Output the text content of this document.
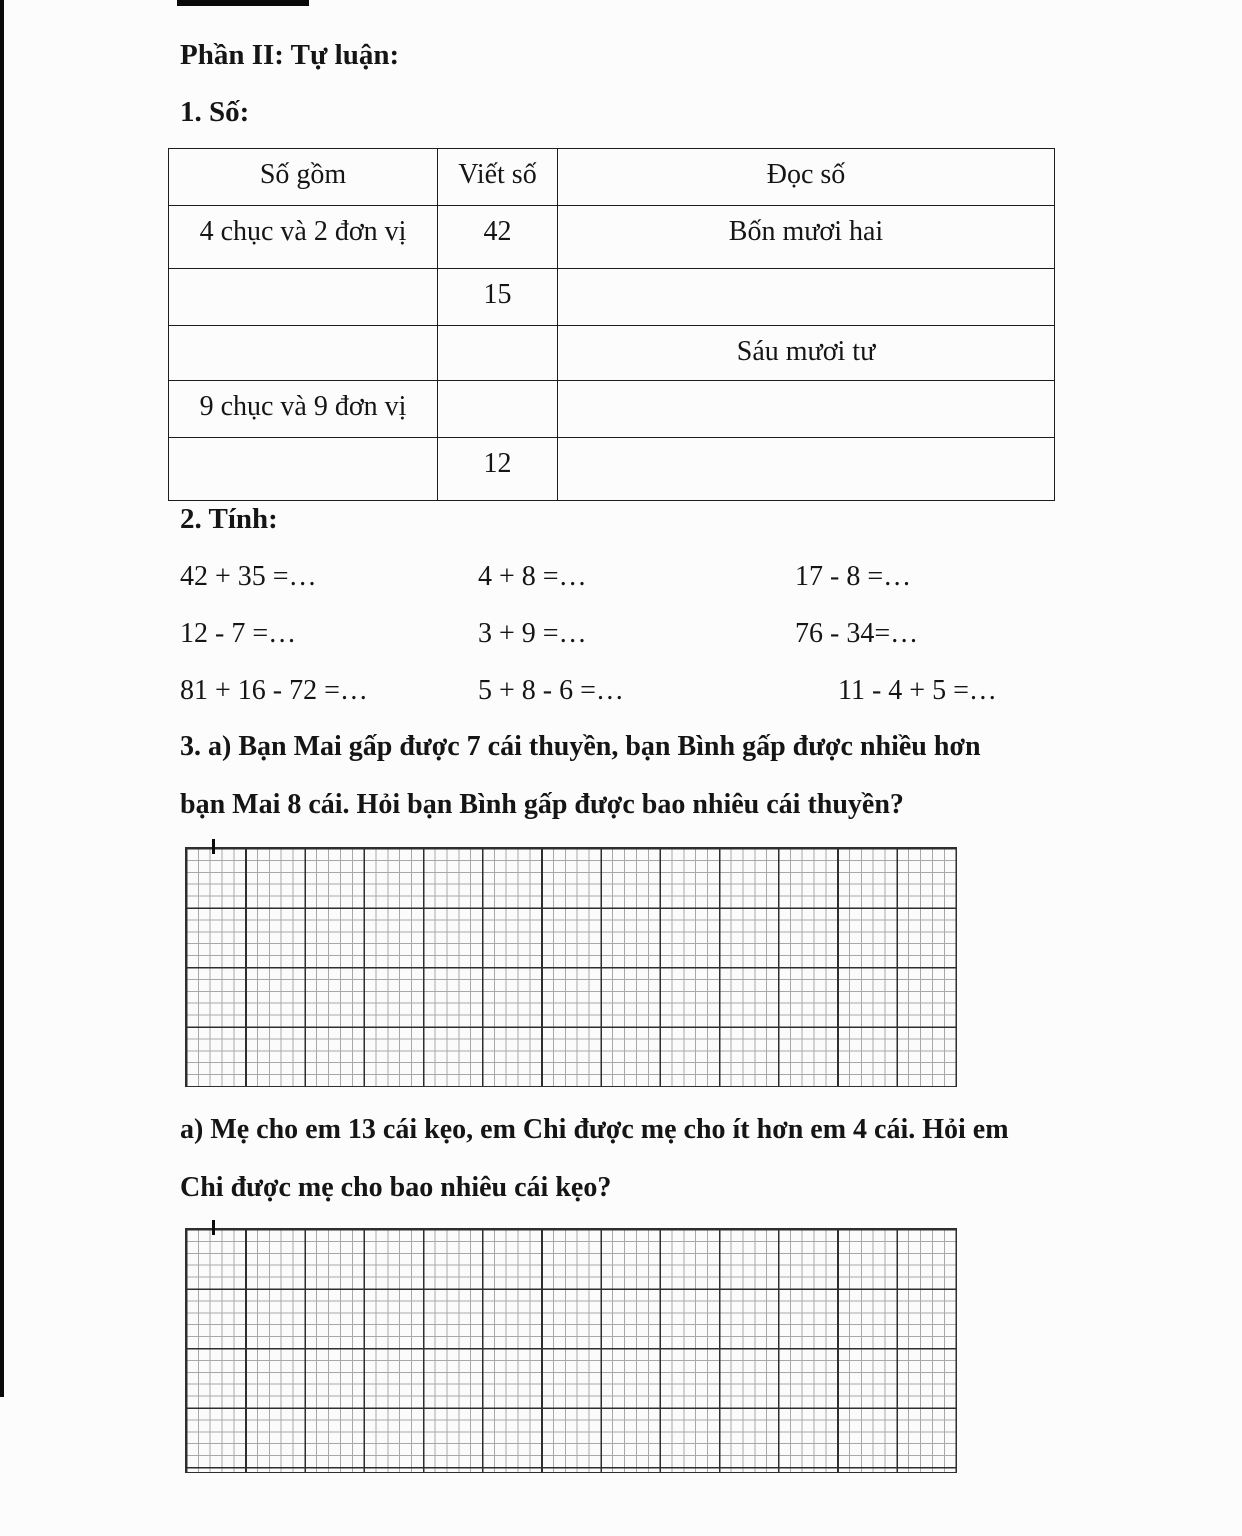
Phần II: Tự luận:
1. Số:
Số gồm	Viết số	Đọc số
4 chục và 2 đơn vị	42	Bốn mươi hai
	15	
		Sáu mươi tư
9 chục và 9 đơn vị		
	12	
2. Tính:
42 + 35 =…	4 + 8 =…	17 - 8 =…
12 - 7 =…	3 + 9 =…	76 - 34=…
81 + 16 - 72 =…	5 + 8 - 6 =…	11 - 4 + 5 =…

3. a) Bạn Mai gấp được 7 cái thuyền, bạn Bình gấp được nhiều hơn
bạn Mai 8 cái. Hỏi bạn Bình gấp được bao nhiêu cái thuyền?

a) Mẹ cho em 13 cái kẹo, em Chi được mẹ cho ít hơn em 4 cái. Hỏi em
Chi được mẹ cho bao nhiêu cái kẹo?
